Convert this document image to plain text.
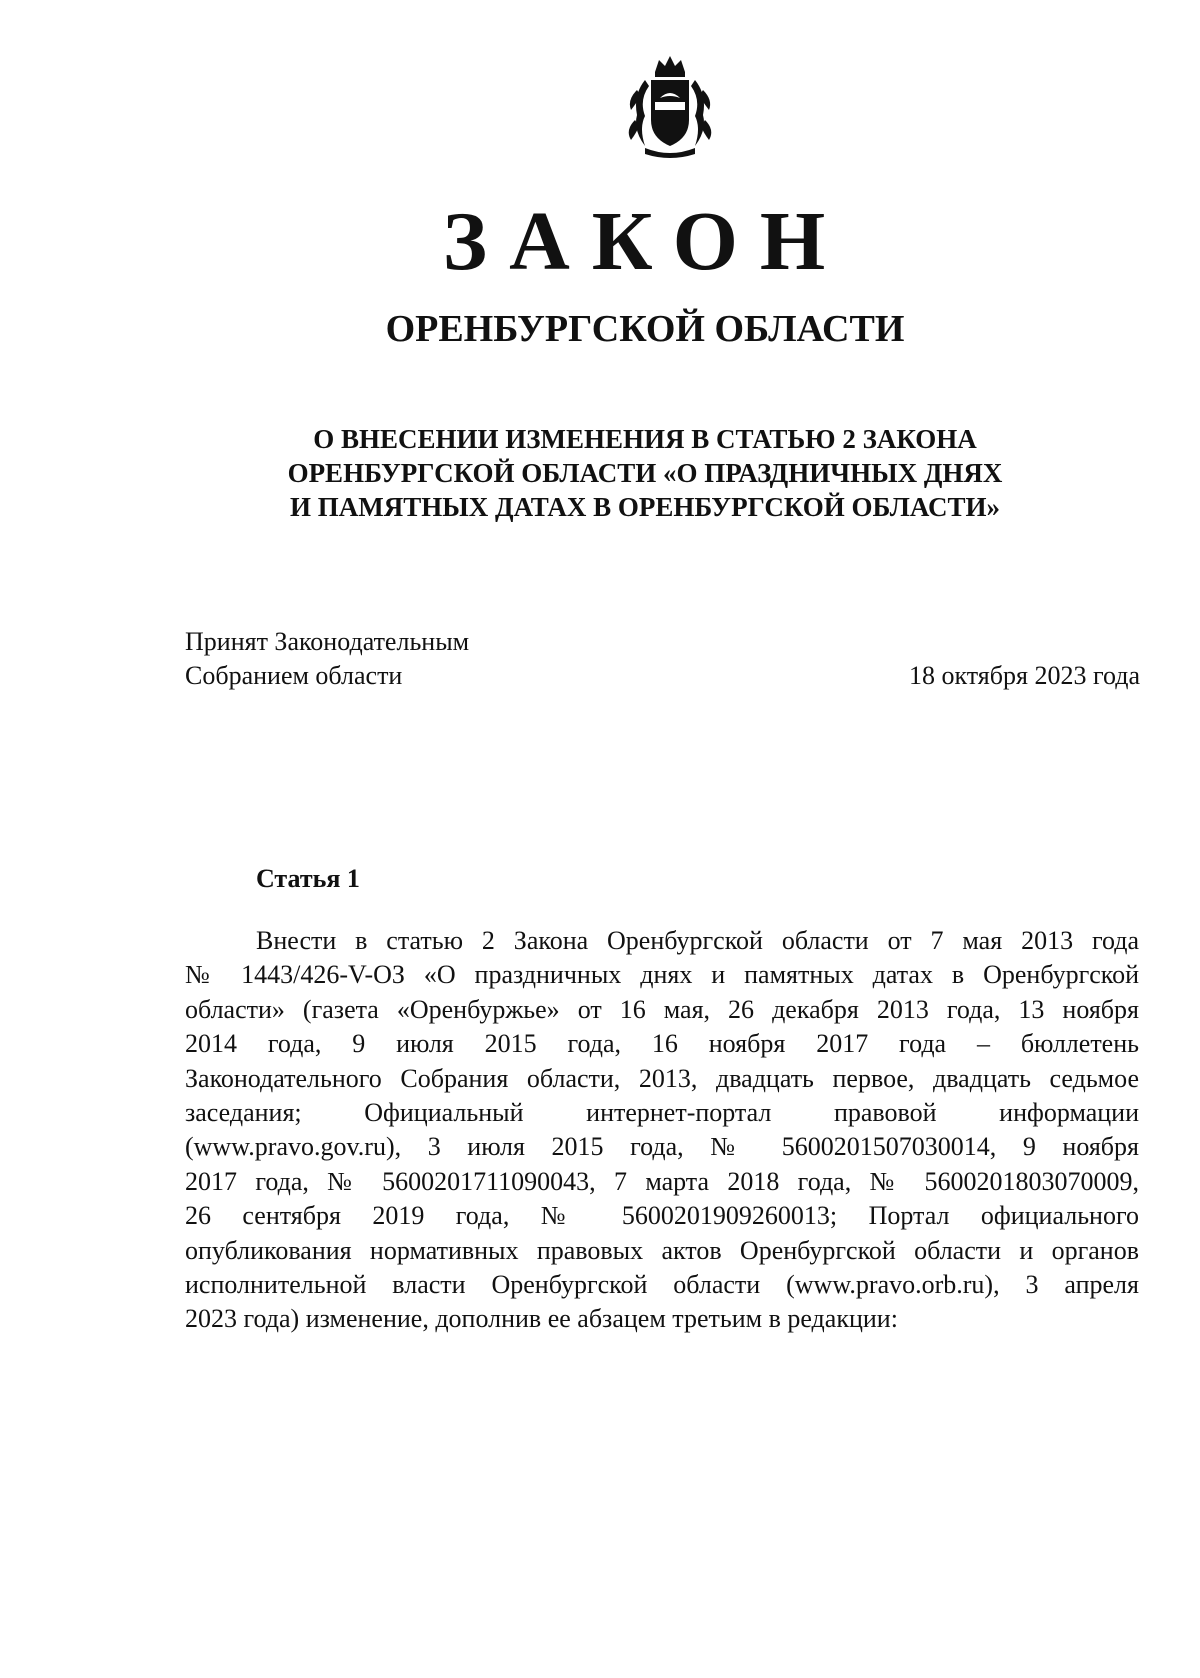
ЗАКОН
ОРЕНБУРГСКОЙ ОБЛАСТИ
О ВНЕСЕНИИ ИЗМЕНЕНИЯ В СТАТЬЮ 2 ЗАКОНА
ОРЕНБУРГСКОЙ ОБЛАСТИ «О ПРАЗДНИЧНЫХ ДНЯХ
И ПАМЯТНЫХ ДАТАХ В ОРЕНБУРГСКОЙ ОБЛАСТИ»
Принят Законодательным
Собранием области	18 октября 2023 года
Статья 1
Внести в статью 2 Закона Оренбургской области от 7 мая 2013 года
№ 1443/426-V-ОЗ «О праздничных днях и памятных датах в Оренбургской
области» (газета «Оренбуржье» от 16 мая, 26 декабря 2013 года, 13 ноября
2014 года, 9 июля 2015 года, 16 ноября 2017 года – бюллетень
Законодательного Собрания области, 2013, двадцать первое, двадцать седьмое
заседания; Официальный интернет-портал правовой информации
(www.pravo.gov.ru), 3 июля 2015 года, № 5600201507030014, 9 ноября
2017 года, № 5600201711090043, 7 марта 2018 года, № 5600201803070009,
26 сентября 2019 года, № 5600201909260013; Портал официального
опубликования нормативных правовых актов Оренбургской области и органов
исполнительной власти Оренбургской области (www.pravo.orb.ru), 3 апреля
2023 года) изменение, дополнив ее абзацем третьим в редакции:
